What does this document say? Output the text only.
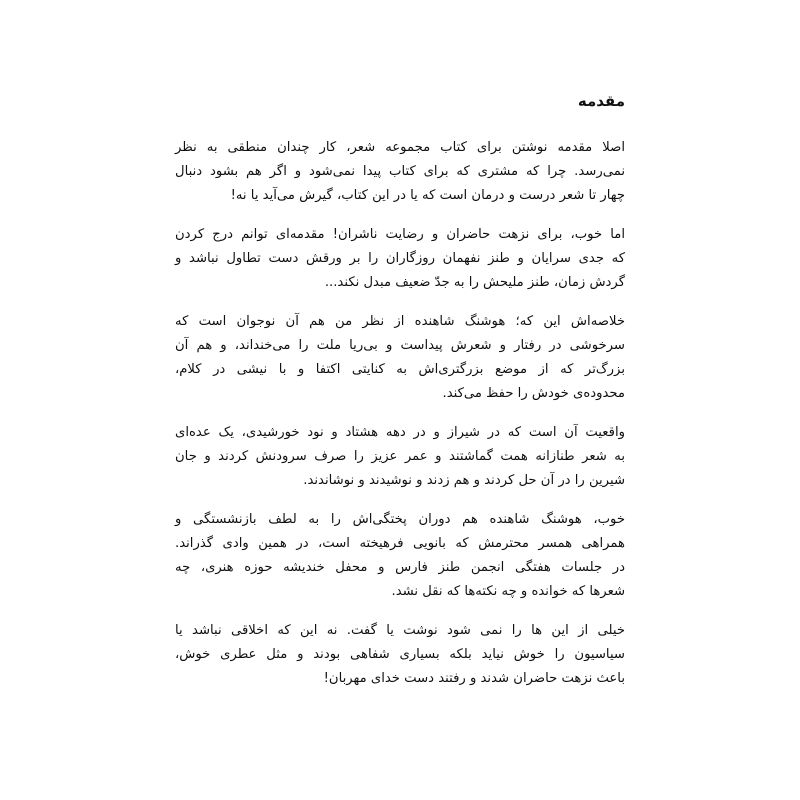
مقدمه
اصلا مقدمه نوشتن برای کتاب مجموعه شعر، کار چندان منطقی به نظر
نمی‌رسد. چرا که مشتری که برای کتاب پیدا نمی‌شود و اگر هم بشود دنبال
چهار تا شعر درست و درمان است که یا در این کتاب، گیرش می‌آید یا نه!
اما خوب، برای نزهت حاضران و رضایت ناشران! مقدمه‌ای توانم درج کردن
که جدی سرایان و طنز نفهمان روزگاران را بر ورقش دست تطاول نباشد و
گردش زمان، طنز ملیحش را به جدّ ضعیف مبدل نکند...
خلاصه‌اش این که؛ هوشنگ شاهنده از نظر من هم آن نوجوان است که
سرخوشی در رفتار و شعرش پیداست و بی‌ریا ملت را می‌خنداند، و هم آن
بزرگ‌تر که از موضع بزرگتری‌اش به کنایتی اکتفا و با نیشی در کلام،
محدوده‌ی خودش را حفظ می‌کند.
واقعیت آن است که در شیراز و در دهه هشتاد و نود خورشیدی، یک عده‌ای
به شعر طنازانه همت گماشتند و عمر عزیز را صرف سرودنش کردند و جان
شیرین را در آن حل کردند و هم زدند و نوشیدند و نوشاندند.
خوب، هوشنگ شاهنده هم دوران پختگی‌اش را به لطف بازنشستگی و
همراهی همسر محترمش که بانویی فرهیخته است، در همین وادی گذراند.
در جلسات هفتگی انجمن طنز فارس و محفل خندیشه حوزه هنری، چه
شعرها که خوانده و چه نکته‌ها که نقل نشد.
خیلی از این ها را نمی شود نوشت یا گفت. نه این که اخلاقی نباشد یا
سیاسیون را خوش نیاید بلکه بسیاری شفاهی بودند و مثل عطری خوش،
باعث نزهت حاضران شدند و رفتند دست خدای مهربان!
